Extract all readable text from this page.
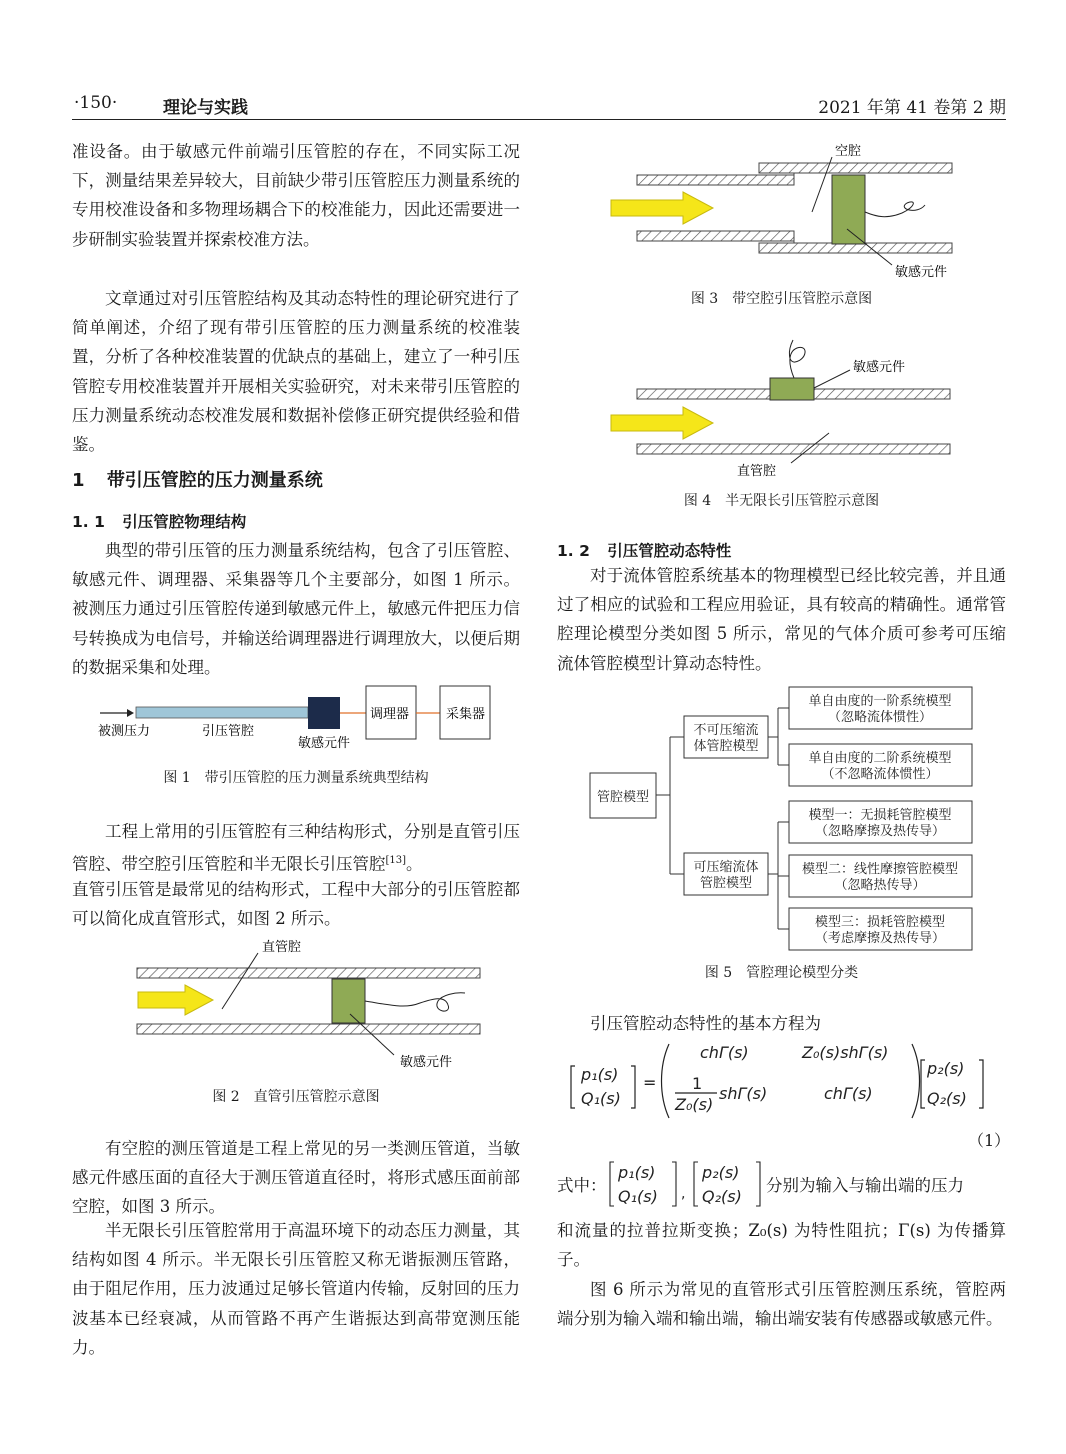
·150·	理论与实践	2021 年第 41 卷第 2 期

准设备。由于敏感元件前端引压管腔的存在，不同实际工况下，测量结果差异较大，目前缺少带引压管腔压力测量系统的专用校准设备和多物理场耦合下的校准能力，因此还需要进一步研制实验装置并探索校准方法。

文章通过对引压管腔结构及其动态特性的理论研究进行了简单阐述，介绍了现有带引压管腔的压力测量系统的校准装置，分析了各种校准装置的优缺点的基础上，建立了一种引压管腔专用校准装置并开展相关实验研究，对未来带引压管腔的压力测量系统动态校准发展和数据补偿修正研究提供经验和借鉴。

1 带引压管腔的压力测量系统
1. 1 引压管腔物理结构

典型的带引压管的压力测量系统结构，包含了引压管腔、敏感元件、调理器、采集器等几个主要部分，如图 1 所示。被测压力通过引压管腔传递到敏感元件上，敏感元件把压力信号转换成为电信号，并输送给调理器进行调理放大，以便后期的数据采集和处理。

被测压力	引压管腔
敏感元件
调理器	采集器
图 1　带引压管腔的压力测量系统典型结构

工程上常用的引压管腔有三种结构形式，分别是直管引压管腔、带空腔引压管腔和半无限长引压管腔[13]。

直管引压管是最常见的结构形式，工程中大部分的引压管腔都可以简化成直管形式，如图 2 所示。

直管腔
敏感元件
图 2　直管引压管腔示意图

有空腔的测压管道是工程上常见的另一类测压管道，当敏感元件感压面的直径大于测压管道直径时，将形式感压面前部空腔，如图 3 所示。

半无限长引压管腔常用于高温环境下的动态压力测量，其结构如图 4 所示。半无限长引压管腔又称无谐振测压管路，由于阻尼作用，压力波通过足够长管道内传输，反射回的压力波基本已经衰减，从而管路不再产生谐振达到高带宽测压能力。

空腔
敏感元件
图 3　带空腔引压管腔示意图
敏感元件
直管腔
图 4　半无限长引压管腔示意图
1. 2 引压管腔动态特性

对于流体管腔系统基本的物理模型已经比较完善，并且通过了相应的试验和工程应用验证，具有较高的精确性。通常管腔理论模型分类如图 5 所示，常见的气体介质可参考可压缩流体管腔模型计算动态特性。

管腔模型
不可压缩流
体管腔模型
可压缩流体
管腔模型
单自由度的一阶系统模型
（忽略流体惯性）
单自由度的二阶系统模型
（不忽略流体惯性）
模型一：无损耗管腔模型
（忽略摩擦及热传导）
模型二：线性摩擦管腔模型
（忽略热传导）
模型三：损耗管腔模型
（考虑摩擦及热传导）
图 5　管腔理论模型分类
引压管腔动态特性的基本方程为
p₁(s)
Q₁(s)
=
chΓ(s)	Z₀(s)shΓ(s)
1
Z₀(s)
shΓ(s)	chΓ(s)
p₂(s)
Q₂(s)
（1）
式中：
p₁(s)
Q₁(s)
p₂(s)
Q₂(s)
,	分别为输入与输出端的压力

和流量的拉普拉斯变换；Z₀(s) 为特性阻抗；Γ(s) 为传播算子。

图 6 所示为常见的直管形式引压管腔测压系统，管腔两端分别为输入端和输出端，输出端安装有传感器或敏感元件。
